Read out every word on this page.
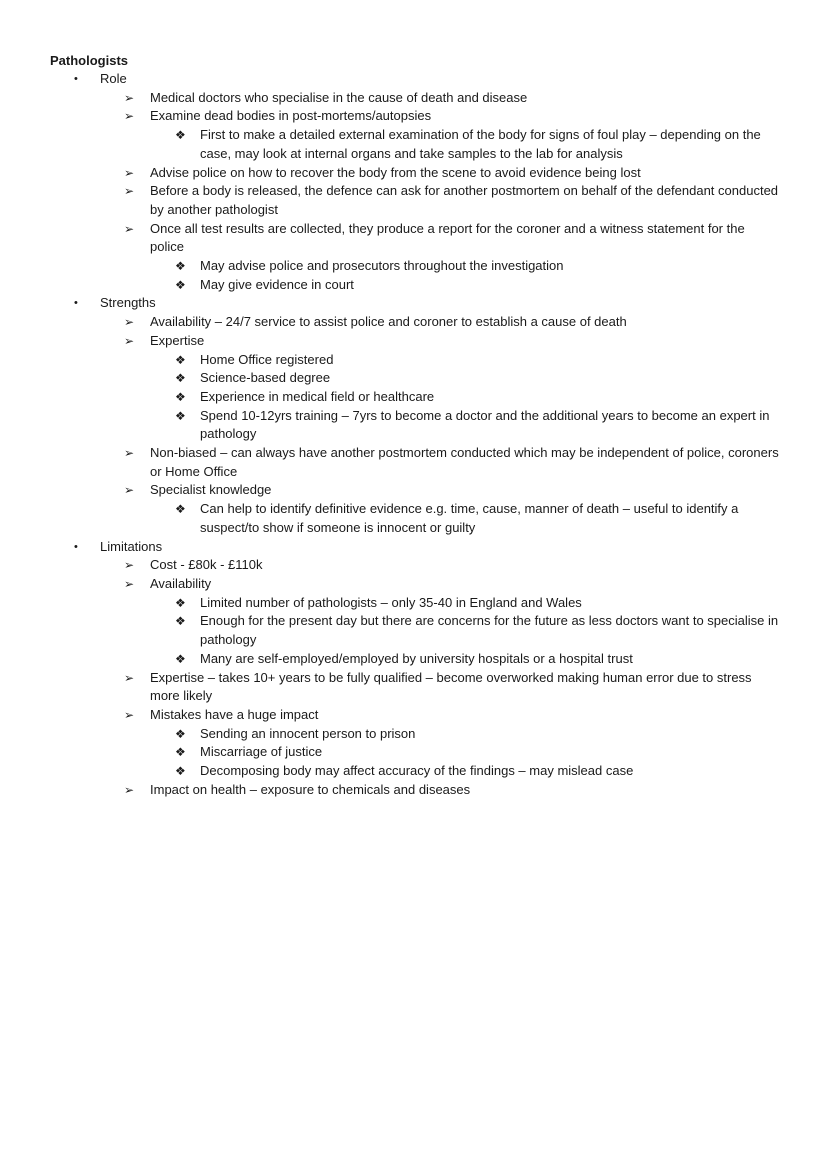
Pathologists
• Role
➢ Medical doctors who specialise in the cause of death and disease
➢ Examine dead bodies in post-mortems/autopsies
❖ First to make a detailed external examination of the body for signs of foul play – depending on the case, may look at internal organs and take samples to the lab for analysis
➢ Advise police on how to recover the body from the scene to avoid evidence being lost
➢ Before a body is released, the defence can ask for another postmortem on behalf of the defendant conducted by another pathologist
➢ Once all test results are collected, they produce a report for the coroner and a witness statement for the police
❖ May advise police and prosecutors throughout the investigation
❖ May give evidence in court
• Strengths
➢ Availability – 24/7 service to assist police and coroner to establish a cause of death
➢ Expertise
❖ Home Office registered
❖ Science-based degree
❖ Experience in medical field or healthcare
❖ Spend 10-12yrs training – 7yrs to become a doctor and the additional years to become an expert in pathology
➢ Non-biased – can always have another postmortem conducted which may be independent of police, coroners or Home Office
➢ Specialist knowledge
❖ Can help to identify definitive evidence e.g. time, cause, manner of death – useful to identify a suspect/to show if someone is innocent or guilty
• Limitations
➢ Cost - £80k - £110k
➢ Availability
❖ Limited number of pathologists – only 35-40 in England and Wales
❖ Enough for the present day but there are concerns for the future as less doctors want to specialise in pathology
❖ Many are self-employed/employed by university hospitals or a hospital trust
➢ Expertise – takes 10+ years to be fully qualified – become overworked making human error due to stress more likely
➢ Mistakes have a huge impact
❖ Sending an innocent person to prison
❖ Miscarriage of justice
❖ Decomposing body may affect accuracy of the findings – may mislead case
➢ Impact on health – exposure to chemicals and diseases
